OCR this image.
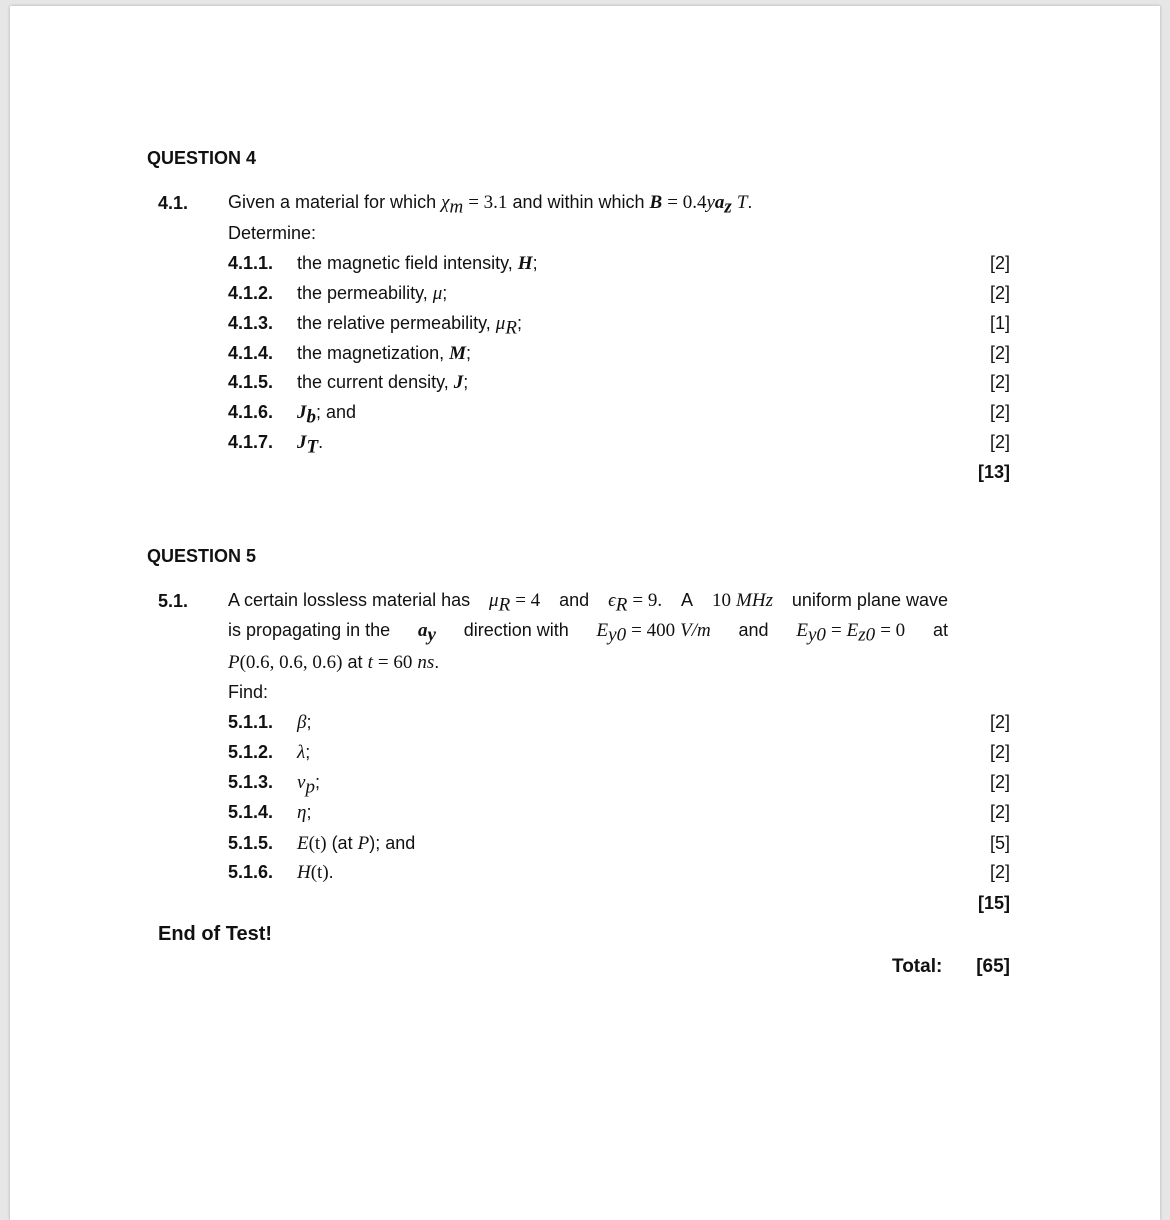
QUESTION 4
4.1. Given a material for which $\chi_m = 3.1$ and within which $B = 0.4ya_z$ T.
Determine:
4.1.1. the magnetic field intensity, H;	[2]
4.1.2. the permeability, μ;	[2]
4.1.3. the relative permeability, $\mu_R$;	[1]
4.1.4. the magnetization, M;	[2]
4.1.5. the current density, J;	[2]
4.1.6. $J_b$; and	[2]
4.1.7. $J_T$.	[2]
[13]
QUESTION 5
5.1. A certain lossless material has $\mu_R = 4$ and $\epsilon_R = 9$. A 10 MHz uniform plane wave
is propagating in the $a_y$ direction with $E_{y0} = 400$ V/m and $E_{y0} = E_{z0} = 0$ at
P(0.6, 0.6, 0.6) at t = 60 ns.
Find:
5.1.1. β;	[2]
5.1.2. λ;	[2]
5.1.3. $v_p$;	[2]
5.1.4. η;	[2]
5.1.5. E(t) (at P); and	[5]
5.1.6. H(t).	[2]
[15]
End of Test!
Total: [65]
